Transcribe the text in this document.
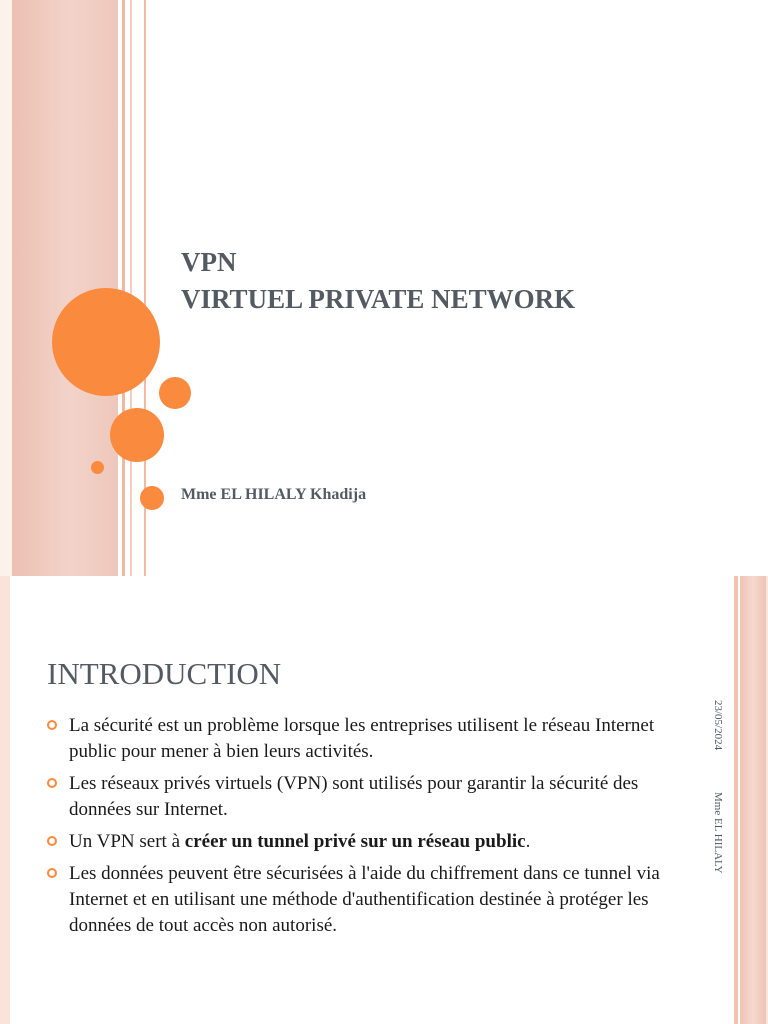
VPN
VIRTUEL PRIVATE NETWORK
Mme EL HILALY Khadija
INTRODUCTION
La sécurité est un problème lorsque les entreprises utilisent le réseau Internet public pour mener à bien leurs activités.
Les réseaux privés virtuels (VPN) sont utilisés pour garantir la sécurité des données sur Internet.
Un VPN sert à créer un tunnel privé sur un réseau public.
Les données peuvent être sécurisées à l'aide du chiffrement dans ce tunnel via Internet et en utilisant une méthode d'authentification destinée à protéger les données de tout accès non autorisé.
23/05/2024  Mme EL HILALY
